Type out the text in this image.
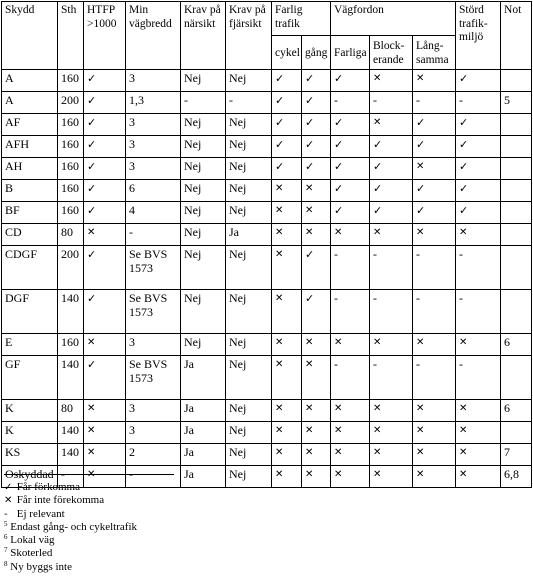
Skydd	Sth	HTFP >1000	Min vägbredd	Krav på närsikt	Krav på fjärsikt	Farlig trafik		Vägfordon			Störd trafik-miljö	Not
						cykel	gång	Farliga	Block-erande	Lång-samma		
A	160	✓	3	Nej	Nej	✓	✓	✓	✕	✕	✓	
A	200	✓	1,3	-	-	✓	✓	-	-	-	-	5
AF	160	✓	3	Nej	Nej	✓	✓	✓	✕	✓	✓	
AFH	160	✓	3	Nej	Nej	✓	✓	✓	✓	✓	✓	
AH	160	✓	3	Nej	Nej	✓	✓	✓	✓	✕	✓	
B	160	✓	6	Nej	Nej	✕	✕	✓	✓	✓	✓	
BF	160	✓	4	Nej	Nej	✕	✕	✓	✓	✓	✓	
CD	80	✕	-	Nej	Ja	✕	✕	✕	✕	✕	✕	
CDGF	200	✓	Se BVS 1573	Nej	Nej	✕	✓	-	-	-	-	
DGF	140	✓	Se BVS 1573	Nej	Nej	✕	✓	-	-	-	-	
E	160	✕	3	Nej	Nej	✕	✕	✕	✕	✕	✕	6
GF	140	✓	Se BVS 1573	Ja	Nej	✕	✕	-	-	-	-	
K	80	✕	3	Ja	Nej	✕	✕	✕	✕	✕	✕	6
K	140	✕	3	Ja	Nej	✕	✕	✕	✕	✕	✕	
KS	140	✕	2	Ja	Nej	✕	✕	✕	✕	✕	✕	7
Oskyddad	-	✕	-	Ja	Nej	✕	✕	✕	✕	✕	✕	6,8
✓ Får förkomma
✕ Får inte förekomma
- Ej relevant
$^5$ Endast gång- och cykeltrafik
$^6$ Lokal väg
$^7$ Skoterled
$^8$ Ny byggs inte
